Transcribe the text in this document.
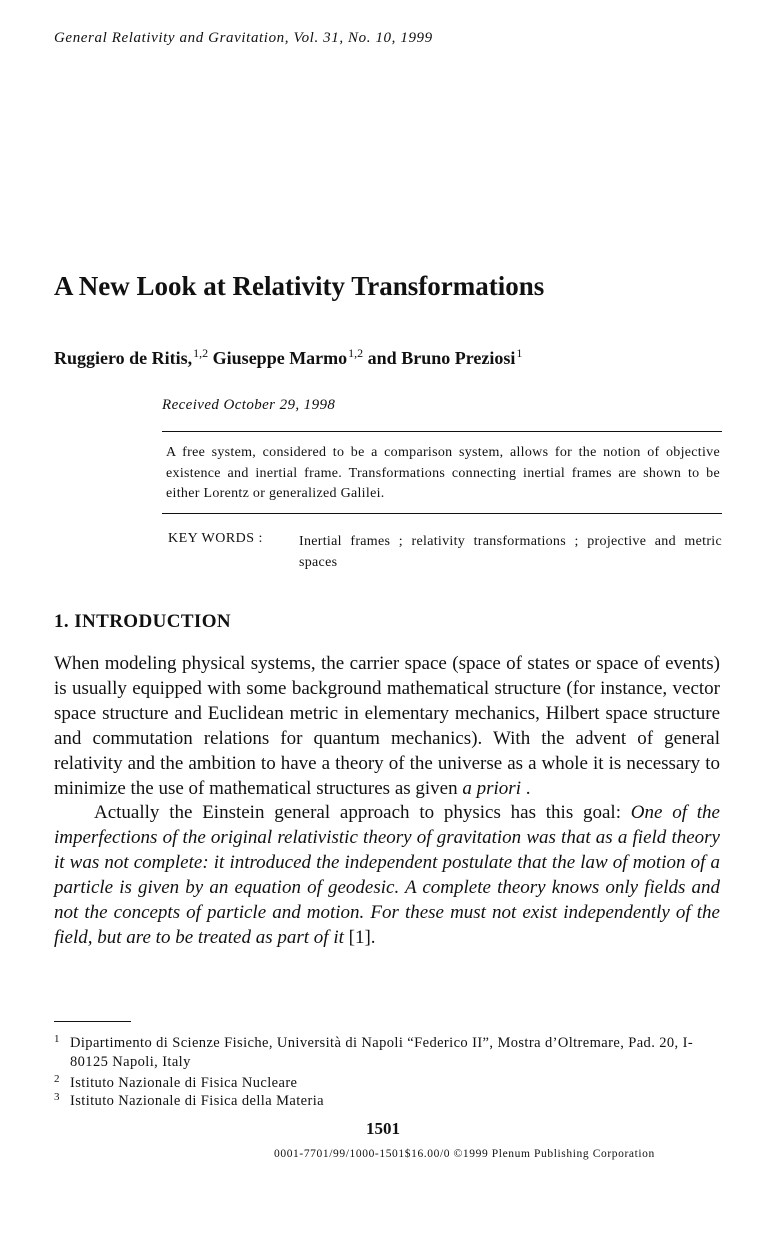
General Relativity and Gravitation, Vol. 31, No. 10, 1999
A New Look at Relativity Transformations
Ruggiero de Ritis,$^{1,2}$ Giuseppe Marmo$^{1,2}$ and Bruno Preziosi$^1$
Received October 29, 1998
A free system, considered to be a comparison system, allows for the notion of objective existence and inertial frame. Transformations connecting inertial frames are shown to be either Lorentz or generalized Galilei.
KEY WORDS :	Inertial frames ; relativity transformations ; projective and metric spaces
1. INTRODUCTION

When modeling physical systems, the carrier space (space of states or space of events) is usually equipped with some background mathematical structure (for instance, vector space structure and Euclidean metric in elementary mechanics, Hilbert space structure and commutation relations for quantum mechanics). With the advent of general relativity and the ambition to have a theory of the universe as a whole it is necessary to minimize the use of mathematical structures as given a priori .

Actually the Einstein general approach to physics has this goal: One of the imperfections of the original relativistic theory of gravitation was that as a field theory it was not complete: it introduced the independent postulate that the law of motion of a particle is given by an equation of geodesic. A complete theory knows only fields and not the concepts of particle and motion. For these must not exist independently of the field, but are to be treated as part of it [1].

1 Dipartimento di Scienze Fisiche, Università di Napoli “Federico II”, Mostra d’Oltremare, Pad. 20, I-80125 Napoli, Italy
2 Istituto Nazionale di Fisica Nucleare
3 Istituto Nazionale di Fisica della Materia
1501
0001-7701/99/1000-1501$16.00/0 ©1999 Plenum Publishing Corporation
